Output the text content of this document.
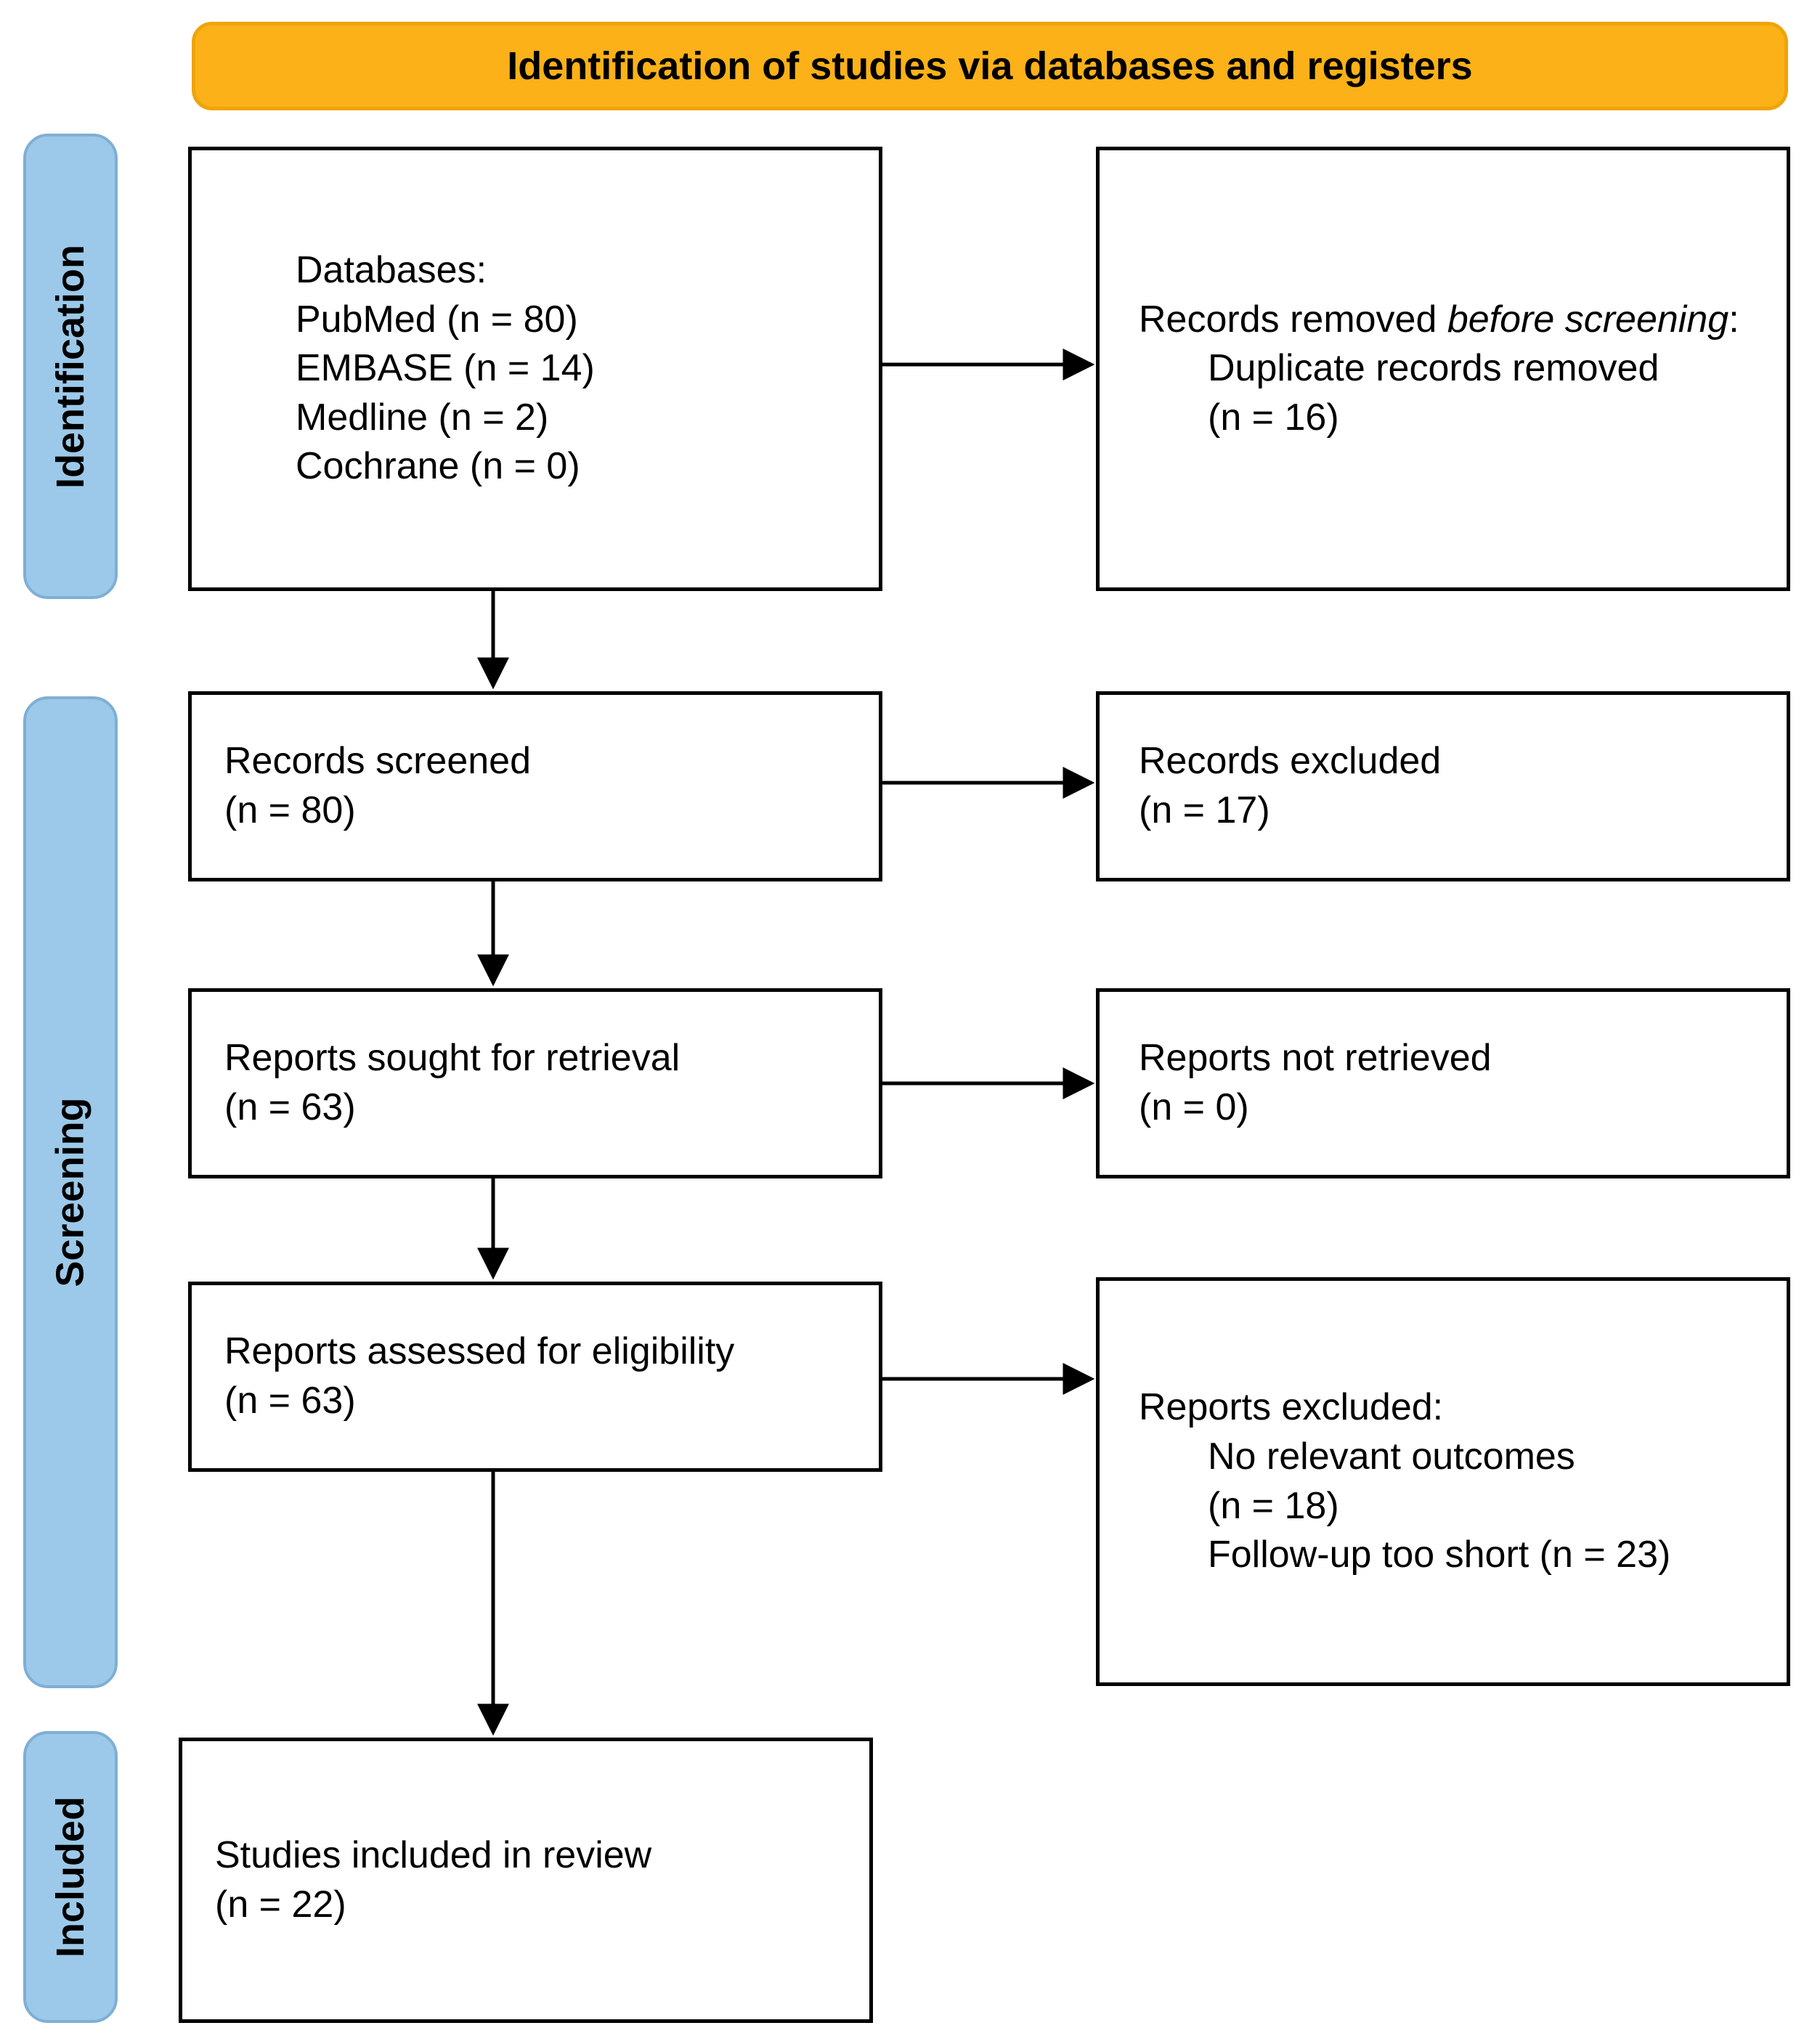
Identification of studies via databases and registers
Identification
Screening
Included
Databases:
PubMed (n = 80)
EMBASE (n = 14)
Medline (n = 2)
Cochrane (n = 0)
Records removed before screening:
Duplicate records removed
(n = 16)
Records screened
(n = 80)
Records excluded
(n = 17)
Reports sought for retrieval
(n = 63)
Reports not retrieved
(n = 0)
Reports assessed for eligibility
(n = 63)	Reports excluded:
No relevant outcomes
(n = 18)
Follow-up too short (n = 23)
Studies included in review
(n = 22)
